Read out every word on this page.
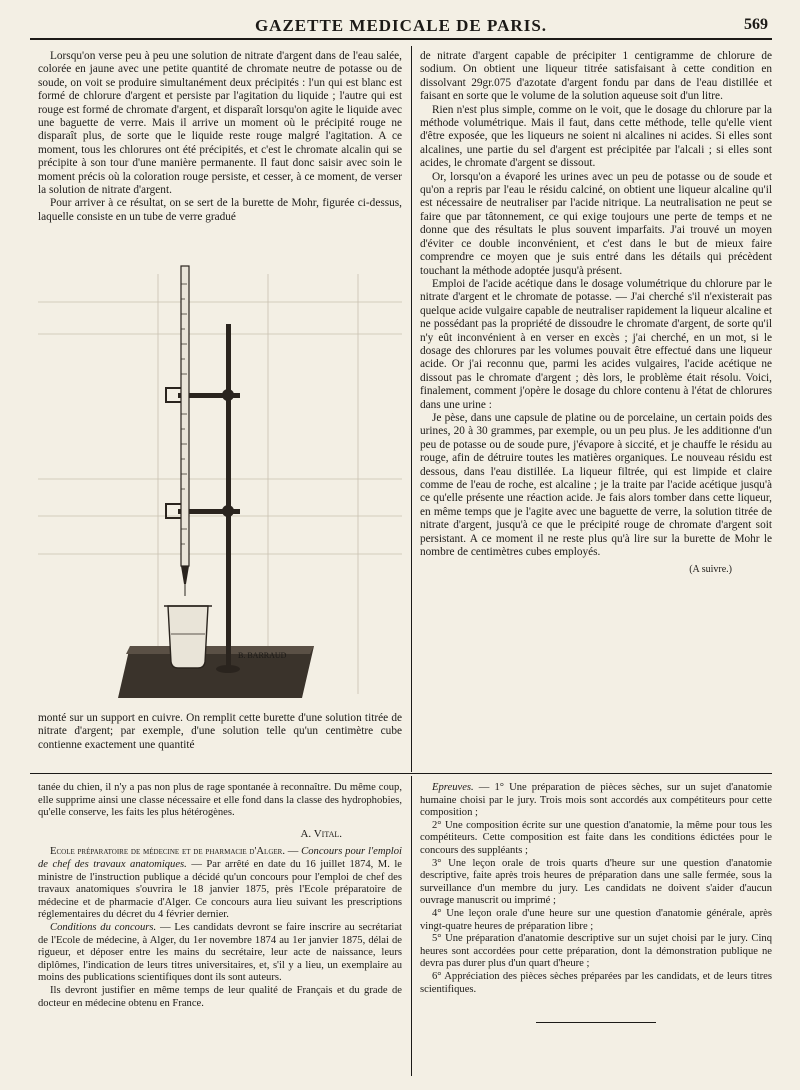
GAZETTE MEDICALE DE PARIS.	569

Lorsqu'on verse peu à peu une solution de nitrate d'argent dans de l'eau salée, colorée en jaune avec une petite quantité de chromate neutre de potasse ou de soude, on voit se produire simultanément deux précipités : l'un qui est blanc est formé de chlorure d'argent et persiste par l'agitation du liquide ; l'autre qui est rouge est formé de chromate d'argent, et disparaît lorsqu'on agite le liquide avec une baguette de verre. Mais il arrive un moment où le précipité rouge ne disparaît plus, de sorte que le liquide reste rouge malgré l'agitation. A ce moment, tous les chlorures ont été précipités, et c'est le chromate alcalin qui se précipite à son tour d'une manière permanente. Il faut donc saisir avec soin le moment précis où la coloration rouge persiste, et cesser, à ce moment, de verser la solution de nitrate d'argent.

Pour arriver à ce résultat, on se sert de la burette de Mohr, figurée ci-dessus, laquelle consiste en un tube de verre gradué

B. BARRAUD

monté sur un support en cuivre. On remplit cette burette d'une solution titrée de nitrate d'argent; par exemple, d'une solution telle qu'un centimètre cube contienne exactement une quantité

de nitrate d'argent capable de précipiter 1 centigramme de chlorure de sodium. On obtient une liqueur titrée satisfaisant à cette condition en dissolvant 29gr.075 d'azotate d'argent fondu par dans de l'eau distillée et faisant en sorte que le volume de la solution aqueuse soit d'un litre.

Rien n'est plus simple, comme on le voit, que le dosage du chlorure par la méthode volumétrique. Mais il faut, dans cette méthode, telle qu'elle vient d'être exposée, que les liqueurs ne soient ni alcalines ni acides. Si elles sont alcalines, une partie du sel d'argent est précipitée par l'alcali ; si elles sont acides, le chromate d'argent se dissout.

Or, lorsqu'on a évaporé les urines avec un peu de potasse ou de soude et qu'on a repris par l'eau le résidu calciné, on obtient une liqueur alcaline qu'il est nécessaire de neutraliser par l'acide nitrique. La neutralisation ne peut se faire que par tâtonnement, ce qui exige toujours une perte de temps et ne donne que des résultats le plus souvent imparfaits. J'ai trouvé un moyen d'éviter ce double inconvénient, et c'est dans le but de mieux faire comprendre ce moyen que je suis entré dans les détails qui précèdent touchant la méthode adoptée jusqu'à présent.

Emploi de l'acide acétique dans le dosage volumétrique du chlorure par le nitrate d'argent et le chromate de potasse. — J'ai cherché s'il n'existerait pas quelque acide vulgaire capable de neutraliser rapidement la liqueur alcaline et ne possédant pas la propriété de dissoudre le chromate d'argent, de sorte qu'il n'y eût inconvénient à en verser en excès ; j'ai cherché, en un mot, si le dosage des chlorures par les volumes pouvait être effectué dans une liqueur acide. Or j'ai reconnu que, parmi les acides vulgaires, l'acide acétique ne dissout pas le chromate d'argent ; dès lors, le problème était résolu. Voici, finalement, comment j'opère le dosage du chlore contenu à l'état de chlorures dans une urine :

Je pèse, dans une capsule de platine ou de porcelaine, un certain poids des urines, 20 à 30 grammes, par exemple, ou un peu plus. Je les additionne d'un peu de potasse ou de soude pure, j'évapore à siccité, et je chauffe le résidu au rouge, afin de détruire toutes les matières organiques. Le nouveau résidu est dessous, dans l'eau distillée. La liqueur filtrée, qui est limpide et claire comme de l'eau de roche, est alcaline ; je la traite par l'acide acétique jusqu'à ce qu'elle présente une réaction acide. Je fais alors tomber dans cette liqueur, en même temps que je l'agite avec une baguette de verre, la solution titrée de nitrate d'argent, jusqu'à ce que le précipité rouge de chromate d'argent soit persistant. A ce moment il ne reste plus qu'à lire sur la burette de Mohr le nombre de centimètres cubes employés.

(A suivre.)

tanée du chien, il n'y a pas non plus de rage spontanée à reconnaître. Du même coup, elle supprime ainsi une classe nécessaire et elle fond dans la classe des hydrophobies, qu'elle conserve, les faits les plus hétérogènes.

A. Vital.

Ecole préparatoire de médecine et de pharmacie d'Alger. — Concours pour l'emploi de chef des travaux anatomiques. — Par arrêté en date du 16 juillet 1874, M. le ministre de l'instruction publique a décidé qu'un concours pour l'emploi de chef des travaux anatomiques s'ouvrira le 18 janvier 1875, près l'Ecole préparatoire de médecine et de pharmacie d'Alger. Ce concours aura lieu suivant les prescriptions réglementaires du décret du 4 février dernier.

Conditions du concours. — Les candidats devront se faire inscrire au secrétariat de l'Ecole de médecine, à Alger, du 1er novembre 1874 au 1er janvier 1875, délai de rigueur, et déposer entre les mains du secrétaire, leur acte de naissance, leurs diplômes, l'indication de leurs titres universitaires, et, s'il y a lieu, un exemplaire au moins des publications scientifiques dont ils sont auteurs.

Ils devront justifier en même temps de leur qualité de Français et du grade de docteur en médecine obtenu en France.

Epreuves. — 1° Une préparation de pièces sèches, sur un sujet d'anatomie humaine choisi par le jury. Trois mois sont accordés aux compétiteurs pour cette composition ;

2° Une composition écrite sur une question d'anatomie, la même pour tous les compétiteurs. Cette composition est faite dans les conditions édictées pour le concours des suppléants ;

3° Une leçon orale de trois quarts d'heure sur une question d'anatomie descriptive, faite après trois heures de préparation dans une salle fermée, sous la surveillance d'un membre du jury. Les candidats ne doivent s'aider d'aucun ouvrage manuscrit ou imprimé ;

4° Une leçon orale d'une heure sur une question d'anatomie générale, après vingt-quatre heures de préparation libre ;

5° Une préparation d'anatomie descriptive sur un sujet choisi par le jury. Cinq heures sont accordées pour cette préparation, dont la démonstration publique ne devra pas durer plus d'un quart d'heure ;

6° Appréciation des pièces sèches préparées par les candidats, et de leurs titres scientifiques.
